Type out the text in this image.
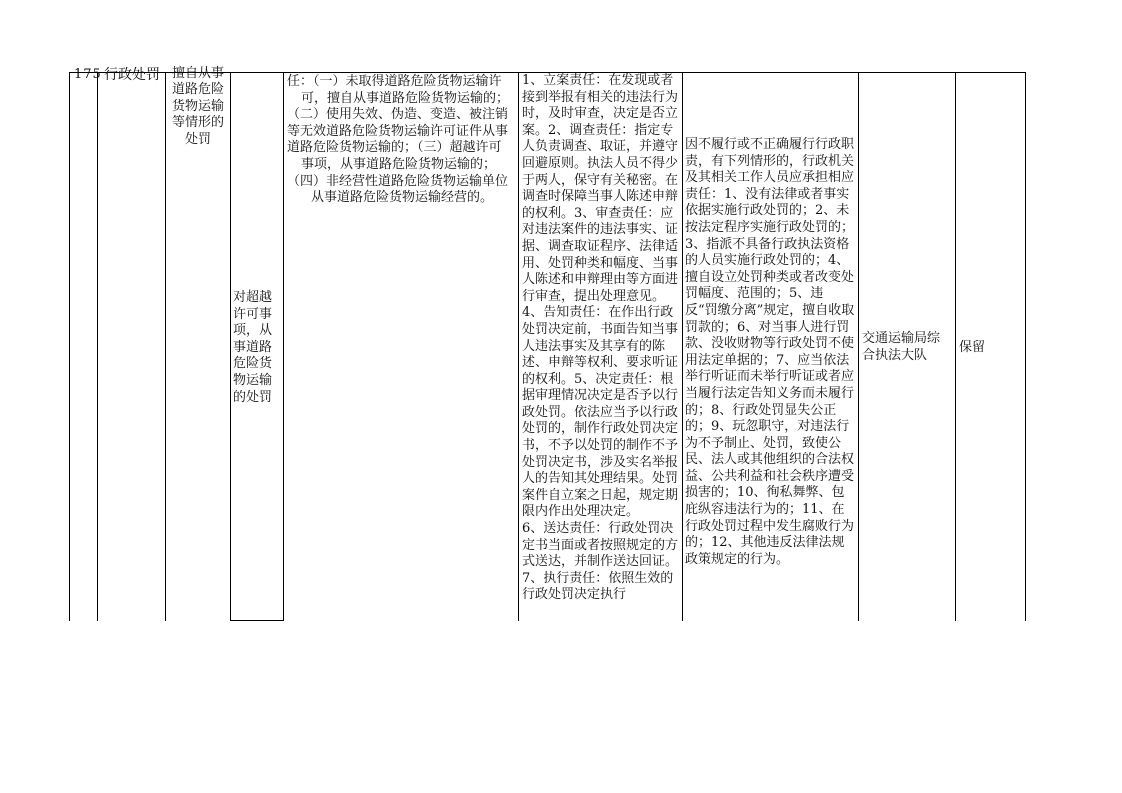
175 行政处罚 擅自从事道路危险货物运输等情形的处罚
对超越许可事项，从事道路危险货物运输的处罚
任：（一）未取得道路危险货物运输许
可，擅自从事道路危险货物运输的；
（二）使用失效、伪造、变造、被注销
等无效道路危险货物运输许可证件从事
道路危险货物运输的；（三）超越许可
事项，从事道路危险货物运输的；
（四）非经营性道路危险货物运输单位
从事道路危险货物运输经营的。
1、立案责任：在发现或者接到举报有相关的违法行为时，及时审查，决定是否立案。2、调查责任：指定专人负责调查、取证，并遵守回避原则。执法人员不得少于两人，保守有关秘密。在调查时保障当事人陈述申辩的权利。3、审查责任：应对违法案件的违法事实、证据、调查取证程序、法律适用、处罚种类和幅度、当事人陈述和申辩理由等方面进行审查，提出处理意见。4、告知责任：在作出行政处罚决定前，书面告知当事人违法事实及其享有的陈述、申辩等权利、要求听证的权利。5、决定责任：根据审理情况决定是否予以行政处罚。依法应当予以行政处罚的，制作行政处罚决定书，不予以处罚的制作不予处罚决定书，涉及实名举报人的告知其处理结果。处罚案件自立案之日起，规定期限内作出处理决定。
6、送达责任：行政处罚决定书当面或者按照规定的方式送达，并制作送达回证。7、执行责任：依照生效的行政处罚决定执行
因不履行或不正确履行行政职责，有下列情形的，行政机关及其相关工作人员应承担相应责任：1、没有法律或者事实依据实施行政处罚的；2、未按法定程序实施行政处罚的；3、指派不具备行政执法资格的人员实施行政处罚的；4、擅自设立处罚种类或者改变处罚幅度、范围的；5、违反“罚缴分离”规定，擅自收取罚款的；6、对当事人进行罚款、没收财物等行政处罚不使用法定单据的；7、应当依法举行听证而未举行听证或者应当履行法定告知义务而未履行的；8、行政处罚显失公正的；9、玩忽职守，对违法行为不予制止、处罚，致使公民、法人或其他组织的合法权益、公共利益和社会秩序遭受损害的；10、徇私舞弊、包庇纵容违法行为的；11、在行政处罚过程中发生腐败行为的；12、其他违反法律法规政策规定的行为。
交通运输局综合执法大队
保留
